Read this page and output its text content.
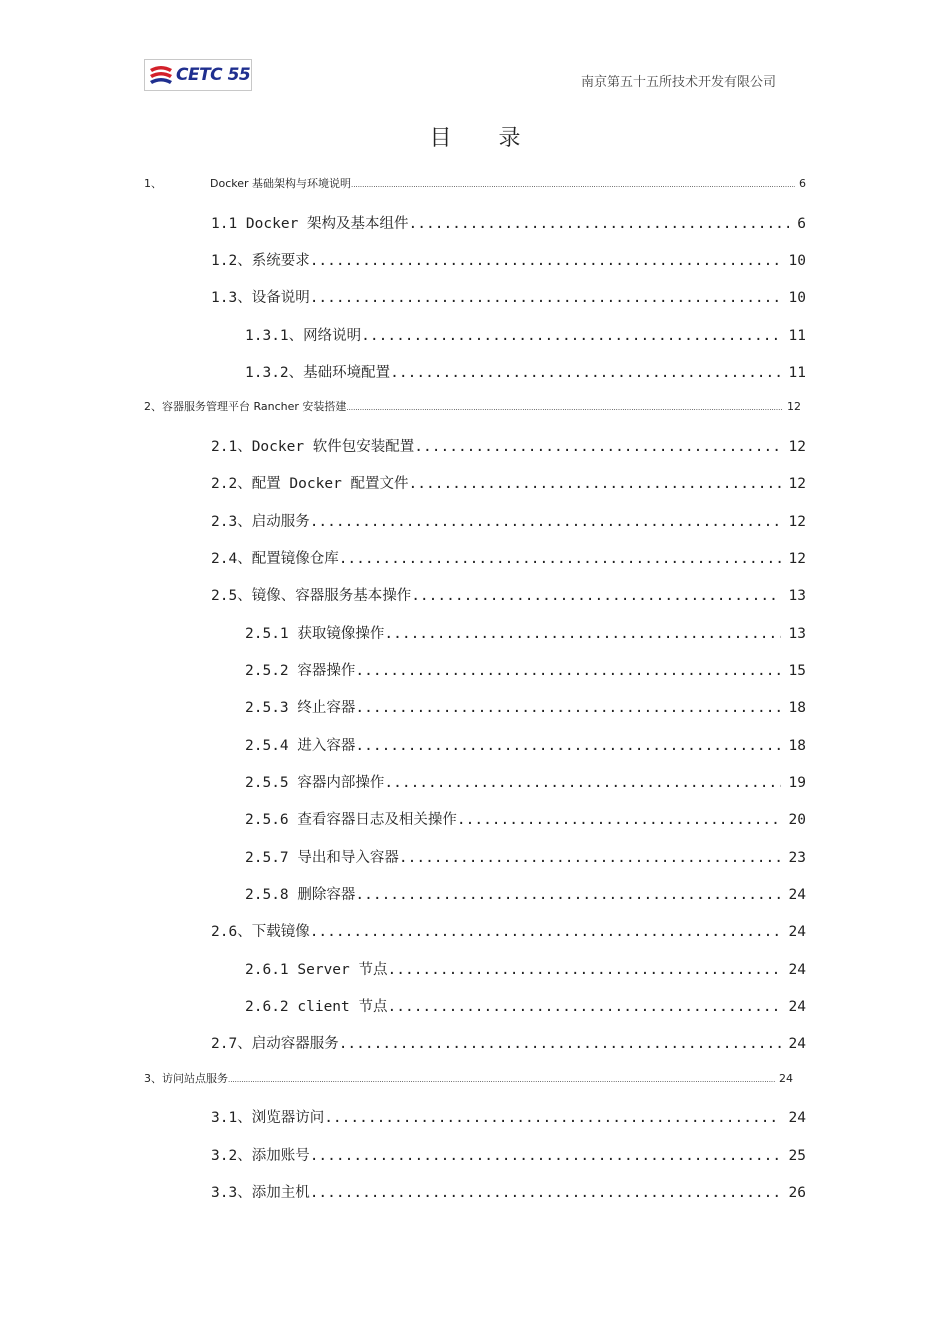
CETC 55	南京第五十五所技术开发有限公司
目 录
1、	Docker 基础架构与环境说明 .....	6
1.1 Docker 架构及基本组件 .....	6
1.2、系统要求 .....	10
1.3、设备说明 .....	10
1.3.1、网络说明 .....	11
1.3.2、基础环境配置 .....	11
2、容器服务管理平台 Rancher 安装搭建 .....	12
2.1、Docker 软件包安装配置 .....	12
2.2、配置 Docker 配置文件 .....	12
2.3、启动服务 .....	12
2.4、配置镜像仓库 .....	12
2.5、镜像、容器服务基本操作 .....	13
2.5.1 获取镜像操作 .....	13
2.5.2 容器操作 .....	15
2.5.3 终止容器 .....	18
2.5.4 进入容器 .....	18
2.5.5 容器内部操作 .....	19
2.5.6 查看容器日志及相关操作 .....	20
2.5.7 导出和导入容器 .....	23
2.5.8 删除容器 .....	24
2.6、下载镜像 .....	24
2.6.1 Server 节点 .....	24
2.6.2 client 节点 .....	24
2.7、启动容器服务 .....	24
3、访问站点服务 .....	24
3.1、浏览器访问 .....	24
3.2、添加账号 .....	25
3.3、添加主机 .....	26
